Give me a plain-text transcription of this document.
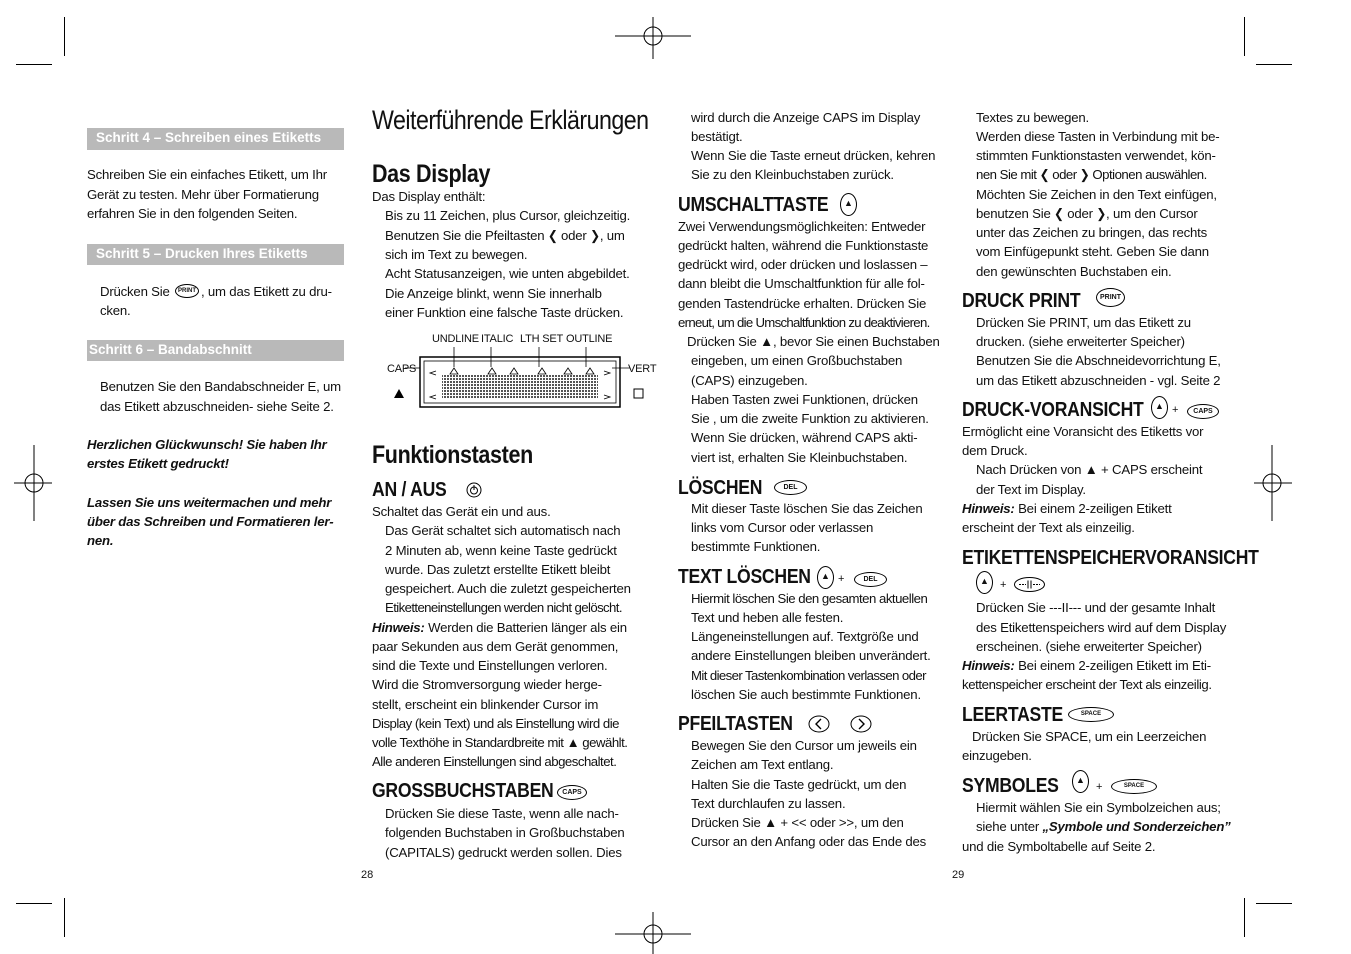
Schritt 4 – Schreiben eines Etiketts
Schreiben Sie ein einfaches Etikett, um Ihr
Gerät zu testen. Mehr über Formatierung
erfahren Sie in den folgenden Seiten.
Schritt 5 – Drucken Ihres Etiketts
Drücken Sie	PRINT , um das Etikett zu dru-
cken.
Schritt 6 – Bandabschnitt
Benutzen Sie den Bandabschneider E, um
das Etikett abzuschneiden- siehe Seite 2.
Herzlichen Glückwunsch! Sie haben Ihr
erstes Etikett gedruckt!
Lassen Sie uns weitermachen und mehr
über das Schreiben und Formatieren ler-
nen.
Weiterführende Erklärungen
Das Display
Das Display enthält:
Bis zu 11 Zeichen, plus Cursor, gleichzeitig.
Benutzen Sie die Pfeiltasten ❮ oder ❯, um
sich im Text zu bewegen.
Acht Statusanzeigen, wie unten abgebildet.
Die Anzeige blinkt, wenn Sie innerhalb
einer Funktion eine falsche Taste drücken.
UNDLINE ITALIC LTH SET OUTLINE
CAPS	VERT
Funktionstasten
AN / AUS
Schaltet das Gerät ein und aus.
Das Gerät schaltet sich automatisch nach
2 Minuten ab, wenn keine Taste gedrückt
wurde. Das zuletzt erstellte Etikett bleibt
gespeichert. Auch die zuletzt gespeicherten
Etiketteneinstellungen werden nicht gelöscht.
Hinweis: Werden die Batterien länger als ein
paar Sekunden aus dem Gerät genommen,
sind die Texte und Einstellungen verloren.
Wird die Stromversorgung wieder herge-
stellt, erscheint ein blinkender Cursor im
Display (kein Text) und als Einstellung wird die
volle Texthöhe in Standardbreite mit ▲ gewählt.
Alle anderen Einstellungen sind abgeschaltet.
GROSSBUCHSTABEN	CAPS
Drücken Sie diese Taste, wenn alle nach-
folgenden Buchstaben in Großbuchstaben
(CAPITALS) gedruckt werden sollen. Dies
28
wird durch die Anzeige CAPS im Display
bestätigt.
Wenn Sie die Taste erneut drücken, kehren
Sie zu den Kleinbuchstaben zurück.
UMSCHALTTASTE	▲
Zwei Verwendungsmöglichkeiten: Entweder
gedrückt halten, während die Funktionstaste
gedrückt wird, oder drücken und loslassen –
dann bleibt die Umschaltfunktion für alle fol-
genden Tastendrücke erhalten. Drücken Sie
erneut, um die Umschaltfunktion zu deaktivieren.
Drücken Sie ▲, bevor Sie einen Buchstaben
eingeben, um einen Großbuchstaben
(CAPS) einzugeben.
Haben Tasten zwei Funktionen, drücken
Sie , um die zweite Funktion zu aktivieren.
Wenn Sie drücken, während CAPS akti-
viert ist, erhalten Sie Kleinbuchstaben.
LÖSCHEN	DEL
Mit dieser Taste löschen Sie das Zeichen
links vom Cursor oder verlassen
bestimmte Funktionen.
TEXT LÖSCHEN	▲ +	DEL
Hiermit löschen Sie den gesamten aktuellen
Text und heben alle festen.
Längeneinstellungen auf. Textgröße und
andere Einstellungen bleiben unverändert.
Mit dieser Tastenkombination verlassen oder
löschen Sie auch bestimmte Funktionen.
PFEILTASTEN
Bewegen Sie den Cursor um jeweils ein
Zeichen am Text entlang.
Halten Sie die Taste gedrückt, um den
Text durchlaufen zu lassen.
Drücken Sie ▲ + << oder >>, um den
Cursor an den Anfang oder das Ende des
Textes zu bewegen.
Werden diese Tasten in Verbindung mit be-
stimmten Funktionstasten verwendet, kön-
nen Sie mit ❮ oder ❯ Optionen auswählen.
Möchten Sie Zeichen in den Text einfügen,
benutzen Sie ❮ oder ❯, um den Cursor
unter das Zeichen zu bringen, das rechts
vom Einfügepunkt steht. Geben Sie dann
den gewünschten Buchstaben ein.
DRUCK PRINT	PRINT
Drücken Sie PRINT, um das Etikett zu
drucken. (siehe erweiterter Speicher)
Benutzen Sie die Abschneidevorrichtung E,
um das Etikett abzuschneiden - vgl. Seite 2
DRUCK-VORANSICHT	▲ +	CAPS
Ermöglicht eine Voransicht des Etiketts vor
dem Druck.
Nach Drücken von ▲ + CAPS erscheint
der Text im Display.
Hinweis: Bei einem 2-zeiligen Etikett
erscheint der Text als einzeilig.
ETIKETTENSPEICHERVORANSICHT
▲	+
Drücken Sie ---II--- und der gesamte Inhalt
des Etikettenspeichers wird auf dem Display
erscheinen. (siehe erweiterter Speicher)
Hinweis: Bei einem 2-zeiligen Etikett im Eti-
kettenspeicher erscheint der Text als einzeilig.
LEERTASTE	SPACE
Drücken Sie SPACE, um ein Leerzeichen
einzugeben.
SYMBOLES	▲
+	SPACE
Hiermit wählen Sie ein Symbolzeichen aus;
siehe unter „Symbole und Sonderzeichen”
und die Symboltabelle auf Seite 2.
29
